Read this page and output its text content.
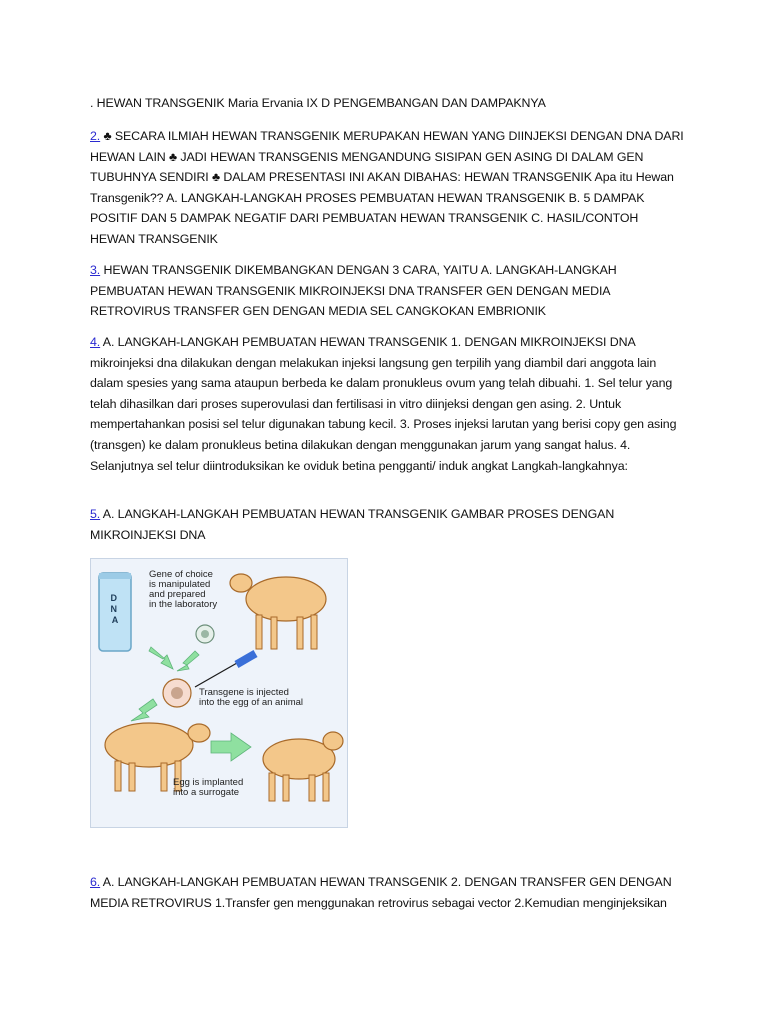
. HEWAN TRANSGENIK Maria Ervania IX D PENGEMBANGAN DAN DAMPAKNYA

2. ♣ SECARA ILMIAH HEWAN TRANSGENIK MERUPAKAN HEWAN YANG DIINJEKSI DENGAN DNA DARI HEWAN LAIN ♣ JADI HEWAN TRANSGENIS MENGANDUNG SISIPAN GEN ASING DI DALAM GEN TUBUHNYA SENDIRI ♣ DALAM PRESENTASI INI AKAN DIBAHAS: HEWAN TRANSGENIK Apa itu Hewan Transgenik?? A. LANGKAH-LANGKAH PROSES PEMBUATAN HEWAN TRANSGENIK B. 5 DAMPAK POSITIF DAN 5 DAMPAK NEGATIF DARI PEMBUATAN HEWAN TRANSGENIK C. HASIL/CONTOH HEWAN TRANSGENIK

3. HEWAN TRANSGENIK DIKEMBANGKAN DENGAN 3 CARA, YAITU A. LANGKAH-LANGKAH PEMBUATAN HEWAN TRANSGENIK MIKROINJEKSI DNA TRANSFER GEN DENGAN MEDIA RETROVIRUS TRANSFER GEN DENGAN MEDIA SEL CANGKOKAN EMBRIONIK

4. A. LANGKAH-LANGKAH PEMBUATAN HEWAN TRANSGENIK 1. DENGAN MIKROINJEKSI DNA mikroinjeksi dna dilakukan dengan melakukan injeksi langsung gen terpilih yang diambil dari anggota lain dalam spesies yang sama ataupun berbeda ke dalam pronukleus ovum yang telah dibuahi. 1. Sel telur yang telah dihasilkan dari proses superovulasi dan fertilisasi in vitro diinjeksi dengan gen asing. 2. Untuk mempertahankan posisi sel telur digunakan tabung kecil. 3. Proses injeksi larutan yang berisi copy gen asing (transgen) ke dalam pronukleus betina dilakukan dengan menggunakan jarum yang sangat halus. 4. Selanjutnya sel telur diintroduksikan ke oviduk betina pengganti/ induk angkat Langkah-langkahnya:

5. A. LANGKAH-LANGKAH PEMBUATAN HEWAN TRANSGENIK GAMBAR PROSES DENGAN MIKROINJEKSI DNA

D N A
Gene of choice is manipulated and prepared in the laboratory
Transgene is injected into the egg of an animal
Egg is implanted into a surrogate

6. A. LANGKAH-LANGKAH PEMBUATAN HEWAN TRANSGENIK 2. DENGAN TRANSFER GEN DENGAN MEDIA RETROVIRUS 1.Transfer gen menggunakan retrovirus sebagai vector 2.Kemudian menginjeksikan
